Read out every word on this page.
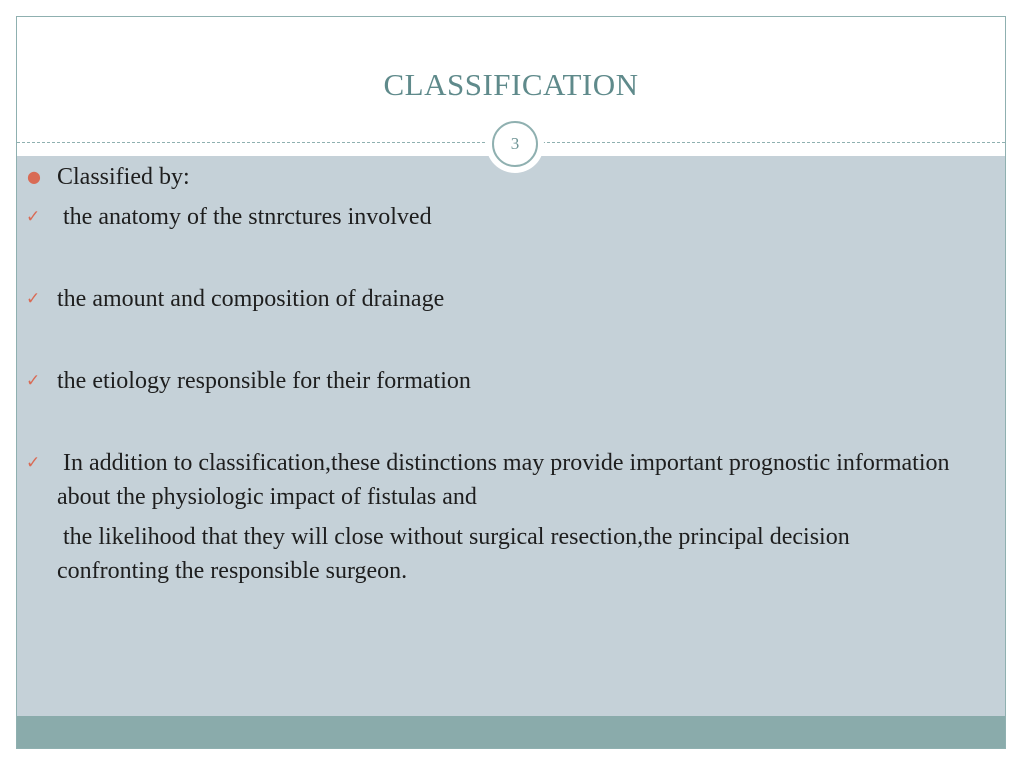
CLASSIFICATION
3
● Classified by:
✓ the anatomy of the stnrctures involved
✓ the amount and composition of drainage
✓ the etiology responsible for their formation
✓ In addition to classification,these distinctions may provide important prognostic information about the physiologic impact of fistulas and
the likelihood that they will close without surgical resection,the principal decision confronting the responsible surgeon.
